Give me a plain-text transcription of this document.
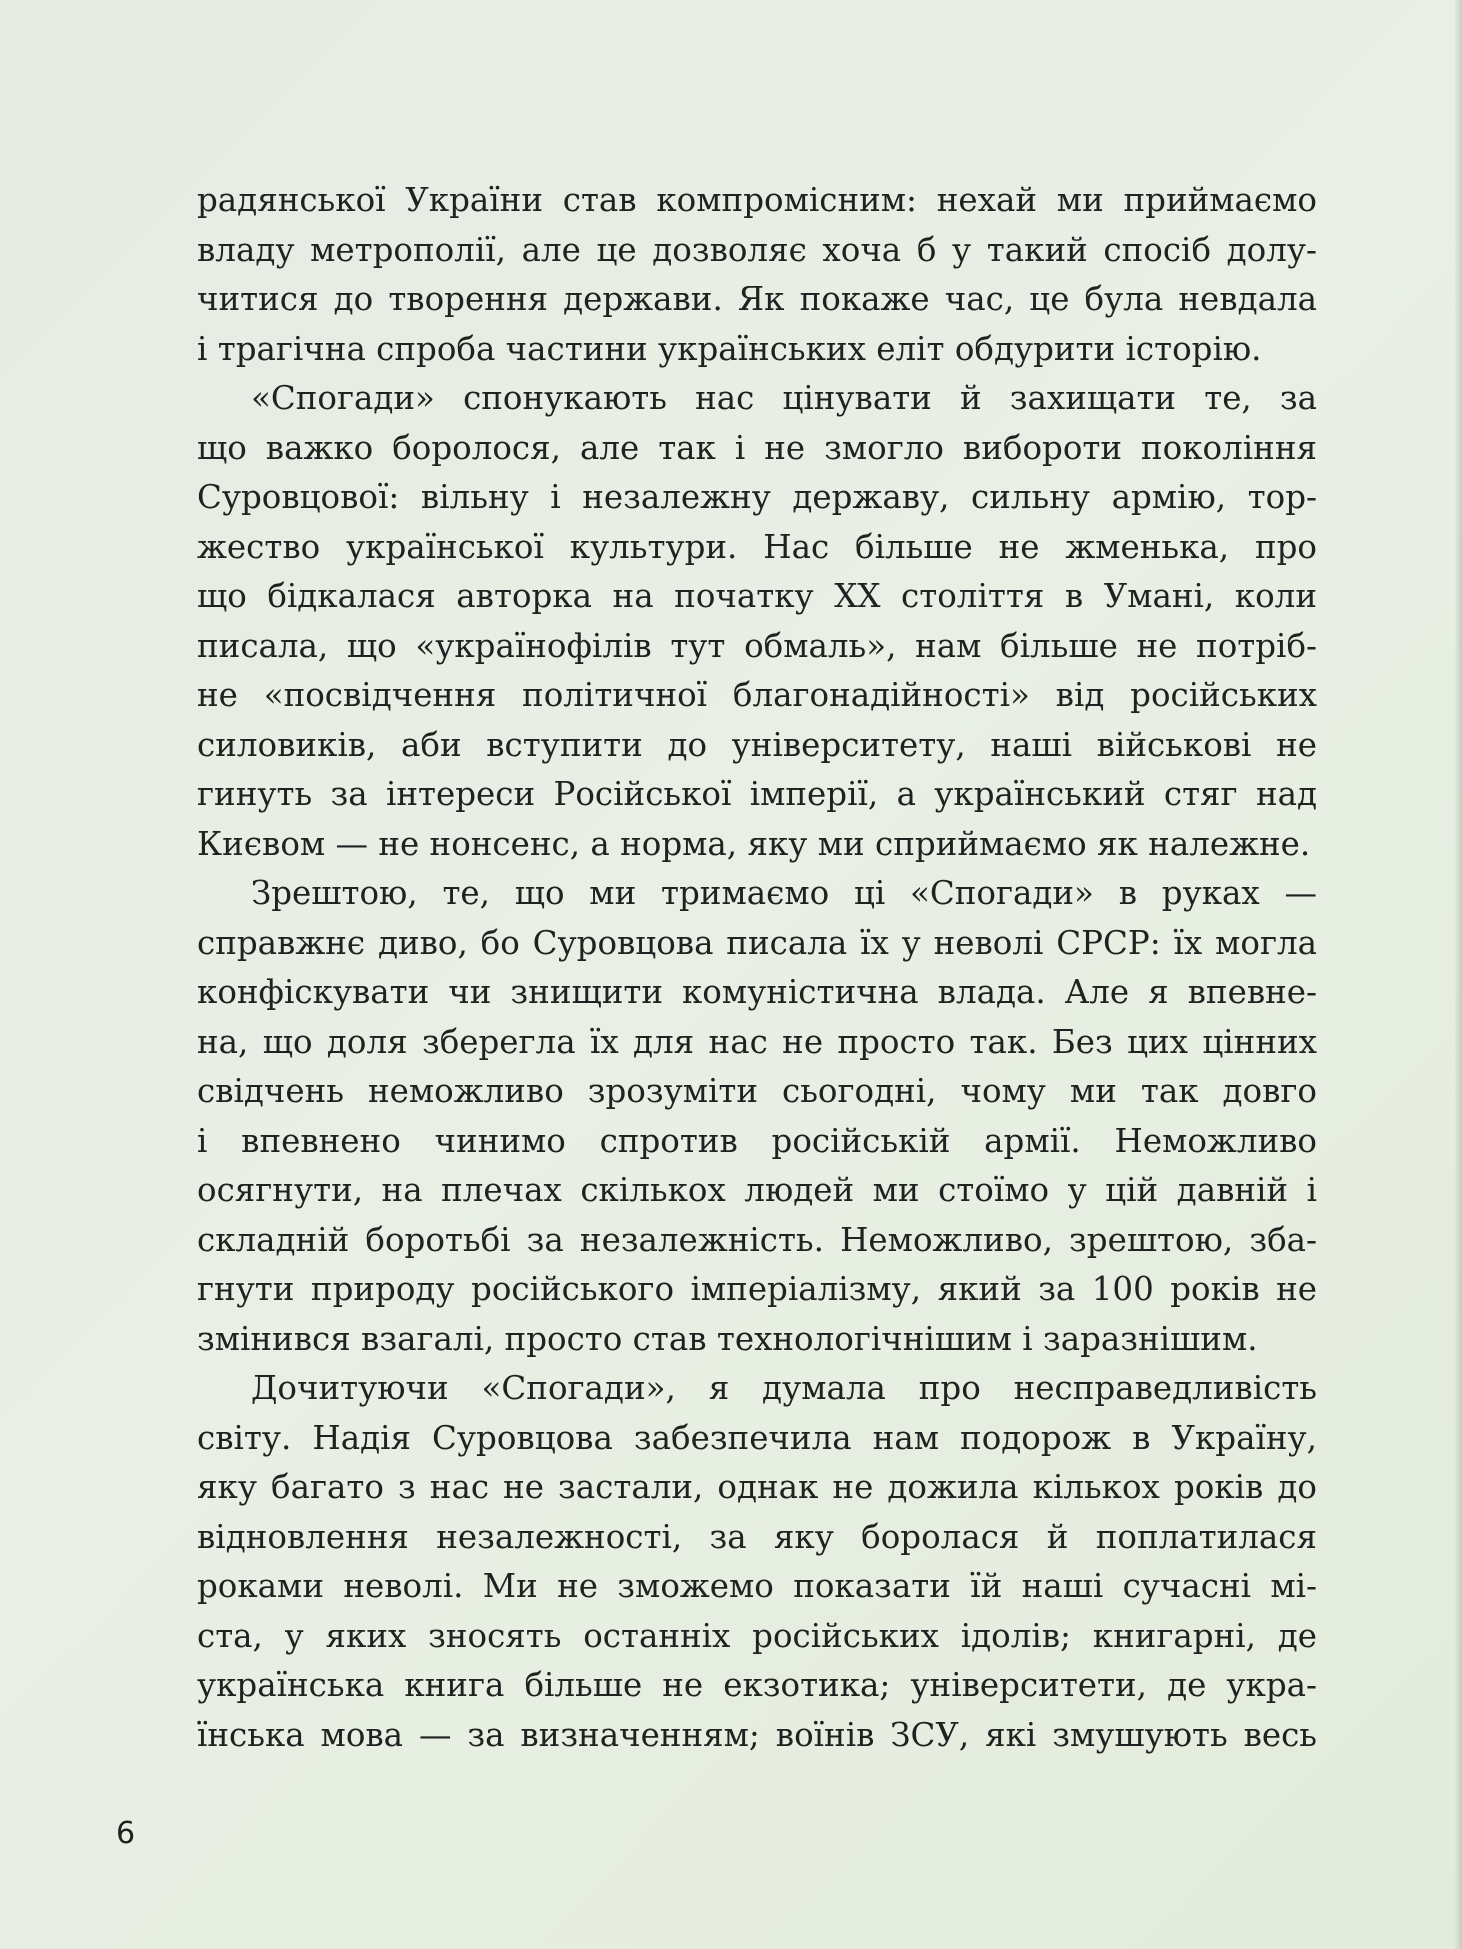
радянської України став компромісним: нехай ми приймаємо
владу метрополії, але це дозволяє хоча б у такий спосіб долу-
читися до творення держави. Як покаже час, це була невдала
і трагічна спроба частини українських еліт обдурити історію.
«Спогади» спонукають нас цінувати й захищати те, за
що важко боролося, але так і не змогло вибороти покоління
Суровцової: вільну і незалежну державу, сильну армію, тор-
жество української культури. Нас більше не жменька, про
що бідкалася авторка на початку ХХ століття в Умані, коли
писала, що «українофілів тут обмаль», нам більше не потріб-
не «посвідчення політичної благонадійності» від російських
силовиків, аби вступити до університету, наші військові не
гинуть за інтереси Російської імперії, а український стяг над
Києвом — не нонсенс, а норма, яку ми сприймаємо як належне.
Зрештою, те, що ми тримаємо ці «Спогади» в руках —
справжнє диво, бо Суровцова писала їх у неволі СРСР: їх могла
конфіскувати чи знищити комуністична влада. Але я впевне-
на, що доля зберегла їх для нас не просто так. Без цих цінних
свідчень неможливо зрозуміти сьогодні, чому ми так довго
і впевнено чинимо спротив російській армії. Неможливо
осягнути, на плечах скількох людей ми стоїмо у цій давній і
складній боротьбі за незалежність. Неможливо, зрештою, зба-
гнути природу російського імперіалізму, який за 100 років не
змінився взагалі, просто став технологічнішим і заразнішим.
Дочитуючи «Спогади», я думала про несправедливість
світу. Надія Суровцова забезпечила нам подорож в Україну,
яку багато з нас не застали, однак не дожила кількох років до
відновлення незалежності, за яку боролася й поплатилася
роками неволі. Ми не зможемо показати їй наші сучасні мі-
ста, у яких зносять останніх російських ідолів; книгарні, де
українська книга більше не екзотика; університети, де укра-
їнська мова — за визначенням; воїнів ЗСУ, які змушують весь
6
